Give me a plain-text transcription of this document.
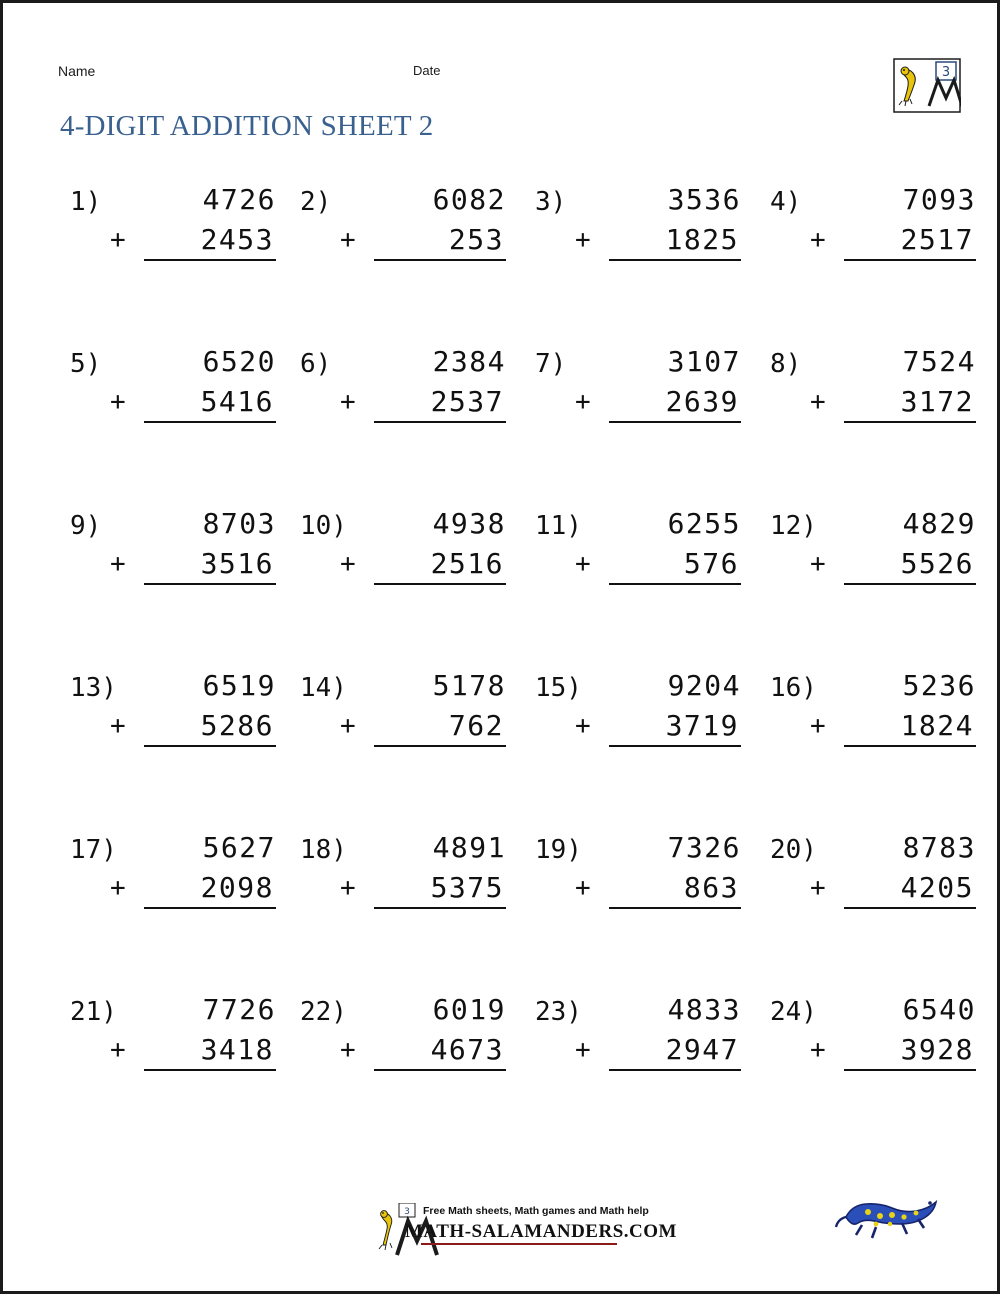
Name	Date
4-DIGIT ADDITION SHEET 2
3
1)	4726
+	2453
2)	6082
+	253
3)	3536
+	1825
4)	7093
+	2517
5)	6520
+	5416
6)	2384
+	2537
7)	3107
+	2639
8)	7524
+	3172
9)	8703
+	3516
10)	4938
+	2516
11)	6255
+	576
12)	4829
+	5526
13)	6519
+	5286
14)	5178
+	762
15)	9204
+	3719
16)	5236
+	1824
17)	5627
+	2098
18)	4891
+	5375
19)	7326
+	863
20)	8783
+	4205
21)	7726
+	3418
22)	6019
+	4673
23)	4833
+	2947
24)	6540
+	3928
3 Free Math sheets, Math games and Math help
MATH-SALAMANDERS.COM
